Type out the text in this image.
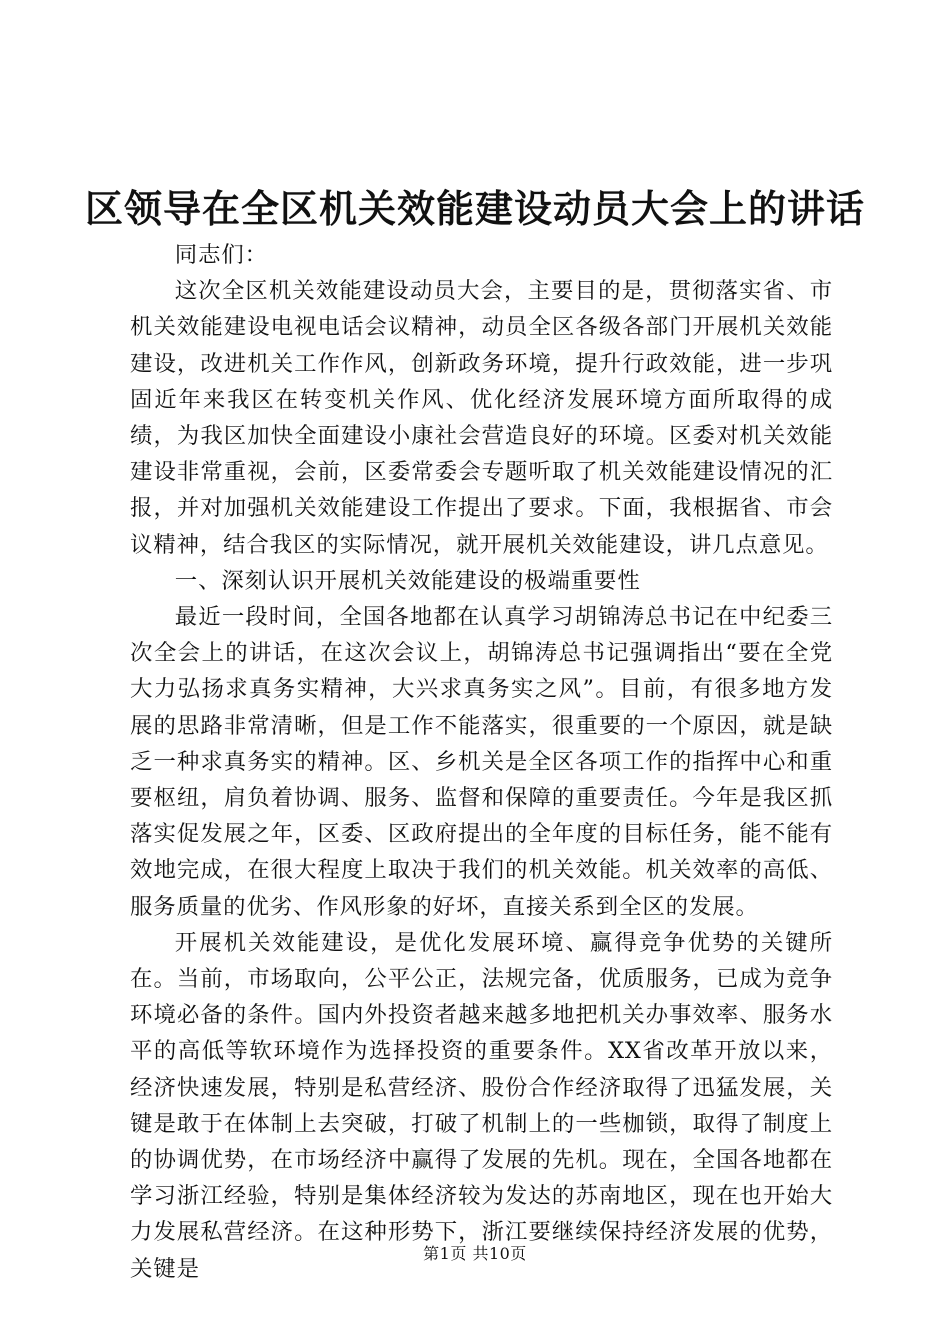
区领导在全区机关效能建设动员大会上的讲话

同志们：

这次全区机关效能建设动员大会，主要目的是，贯彻落实省、市机关效能建设电视电话会议精神，动员全区各级各部门开展机关效能建设，改进机关工作作风，创新政务环境，提升行政效能，进一步巩固近年来我区在转变机关作风、优化经济发展环境方面所取得的成绩，为我区加快全面建设小康社会营造良好的环境。区委对机关效能建设非常重视，会前，区委常委会专题听取了机关效能建设情况的汇报，并对加强机关效能建设工作提出了要求。下面，我根据省、市会议精神，结合我区的实际情况，就开展机关效能建设，讲几点意见。

一、深刻认识开展机关效能建设的极端重要性

最近一段时间，全国各地都在认真学习胡锦涛总书记在中纪委三次全会上的讲话，在这次会议上，胡锦涛总书记强调指出“要在全党大力弘扬求真务实精神，大兴求真务实之风”。目前，有很多地方发展的思路非常清晰，但是工作不能落实，很重要的一个原因，就是缺乏一种求真务实的精神。区、乡机关是全区各项工作的指挥中心和重要枢纽，肩负着协调、服务、监督和保障的重要责任。今年是我区抓落实促发展之年，区委、区政府提出的全年度的目标任务，能不能有效地完成，在很大程度上取决于我们的机关效能。机关效率的高低、服务质量的优劣、作风形象的好坏，直接关系到全区的发展。

开展机关效能建设，是优化发展环境、赢得竞争优势的关键所在。当前，市场取向，公平公正，法规完备，优质服务，已成为竞争环境必备的条件。国内外投资者越来越多地把机关办事效率、服务水平的高低等软环境作为选择投资的重要条件。XX省改革开放以来，经济快速发展，特别是私营经济、股份合作经济取得了迅猛发展，关键是敢于在体制上去突破，打破了机制上的一些枷锁，取得了制度上的协调优势，在市场经济中赢得了发展的先机。现在，全国各地都在学习浙江经验，特别是集体经济较为发达的苏南地区，现在也开始大力发展私营经济。在这种形势下，浙江要继续保持经济发展的优势，关键是

第1页 共10页
